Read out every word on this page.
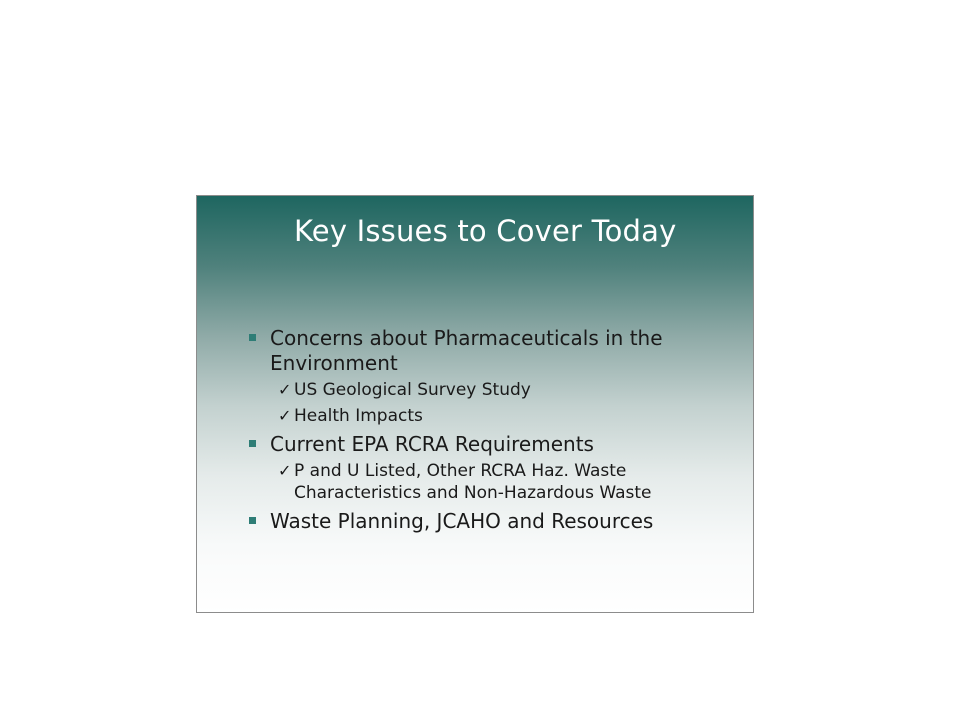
Key Issues to Cover Today
Concerns about Pharmaceuticals in the Environment
✓ US Geological Survey Study
✓ Health Impacts
Current EPA RCRA Requirements
✓ P and U Listed, Other RCRA Haz. Waste Characteristics and Non-Hazardous Waste
Waste Planning, JCAHO and Resources
